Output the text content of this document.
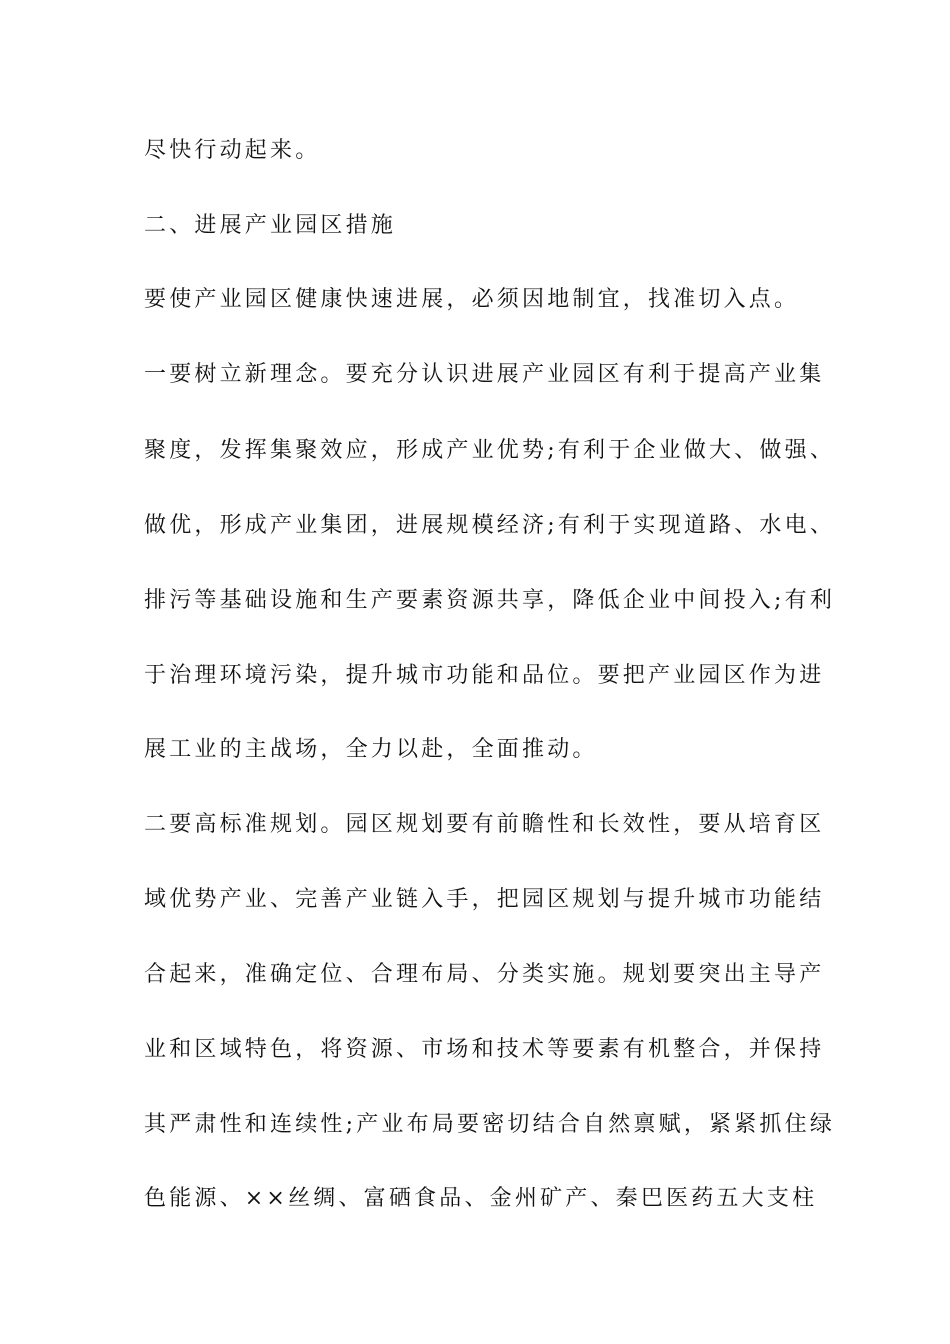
尽快行动起来。
二、进展产业园区措施
要使产业园区健康快速进展，必须因地制宜，找准切入点。
一要树立新理念。要充分认识进展产业园区有利于提高产业集
聚度，发挥集聚效应，形成产业优势;有利于企业做大、做强、
做优，形成产业集团，进展规模经济;有利于实现道路、水电、
排污等基础设施和生产要素资源共享，降低企业中间投入;有利
于治理环境污染，提升城市功能和品位。要把产业园区作为进
展工业的主战场，全力以赴，全面推动。
二要高标准规划。园区规划要有前瞻性和长效性，要从培育区
域优势产业、完善产业链入手，把园区规划与提升城市功能结
合起来，准确定位、合理布局、分类实施。规划要突出主导产
业和区域特色，将资源、市场和技术等要素有机整合，并保持
其严肃性和连续性;产业布局要密切结合自然禀赋，紧紧抓住绿
色能源、××丝绸、富硒食品、金州矿产、秦巴医药五大支柱
